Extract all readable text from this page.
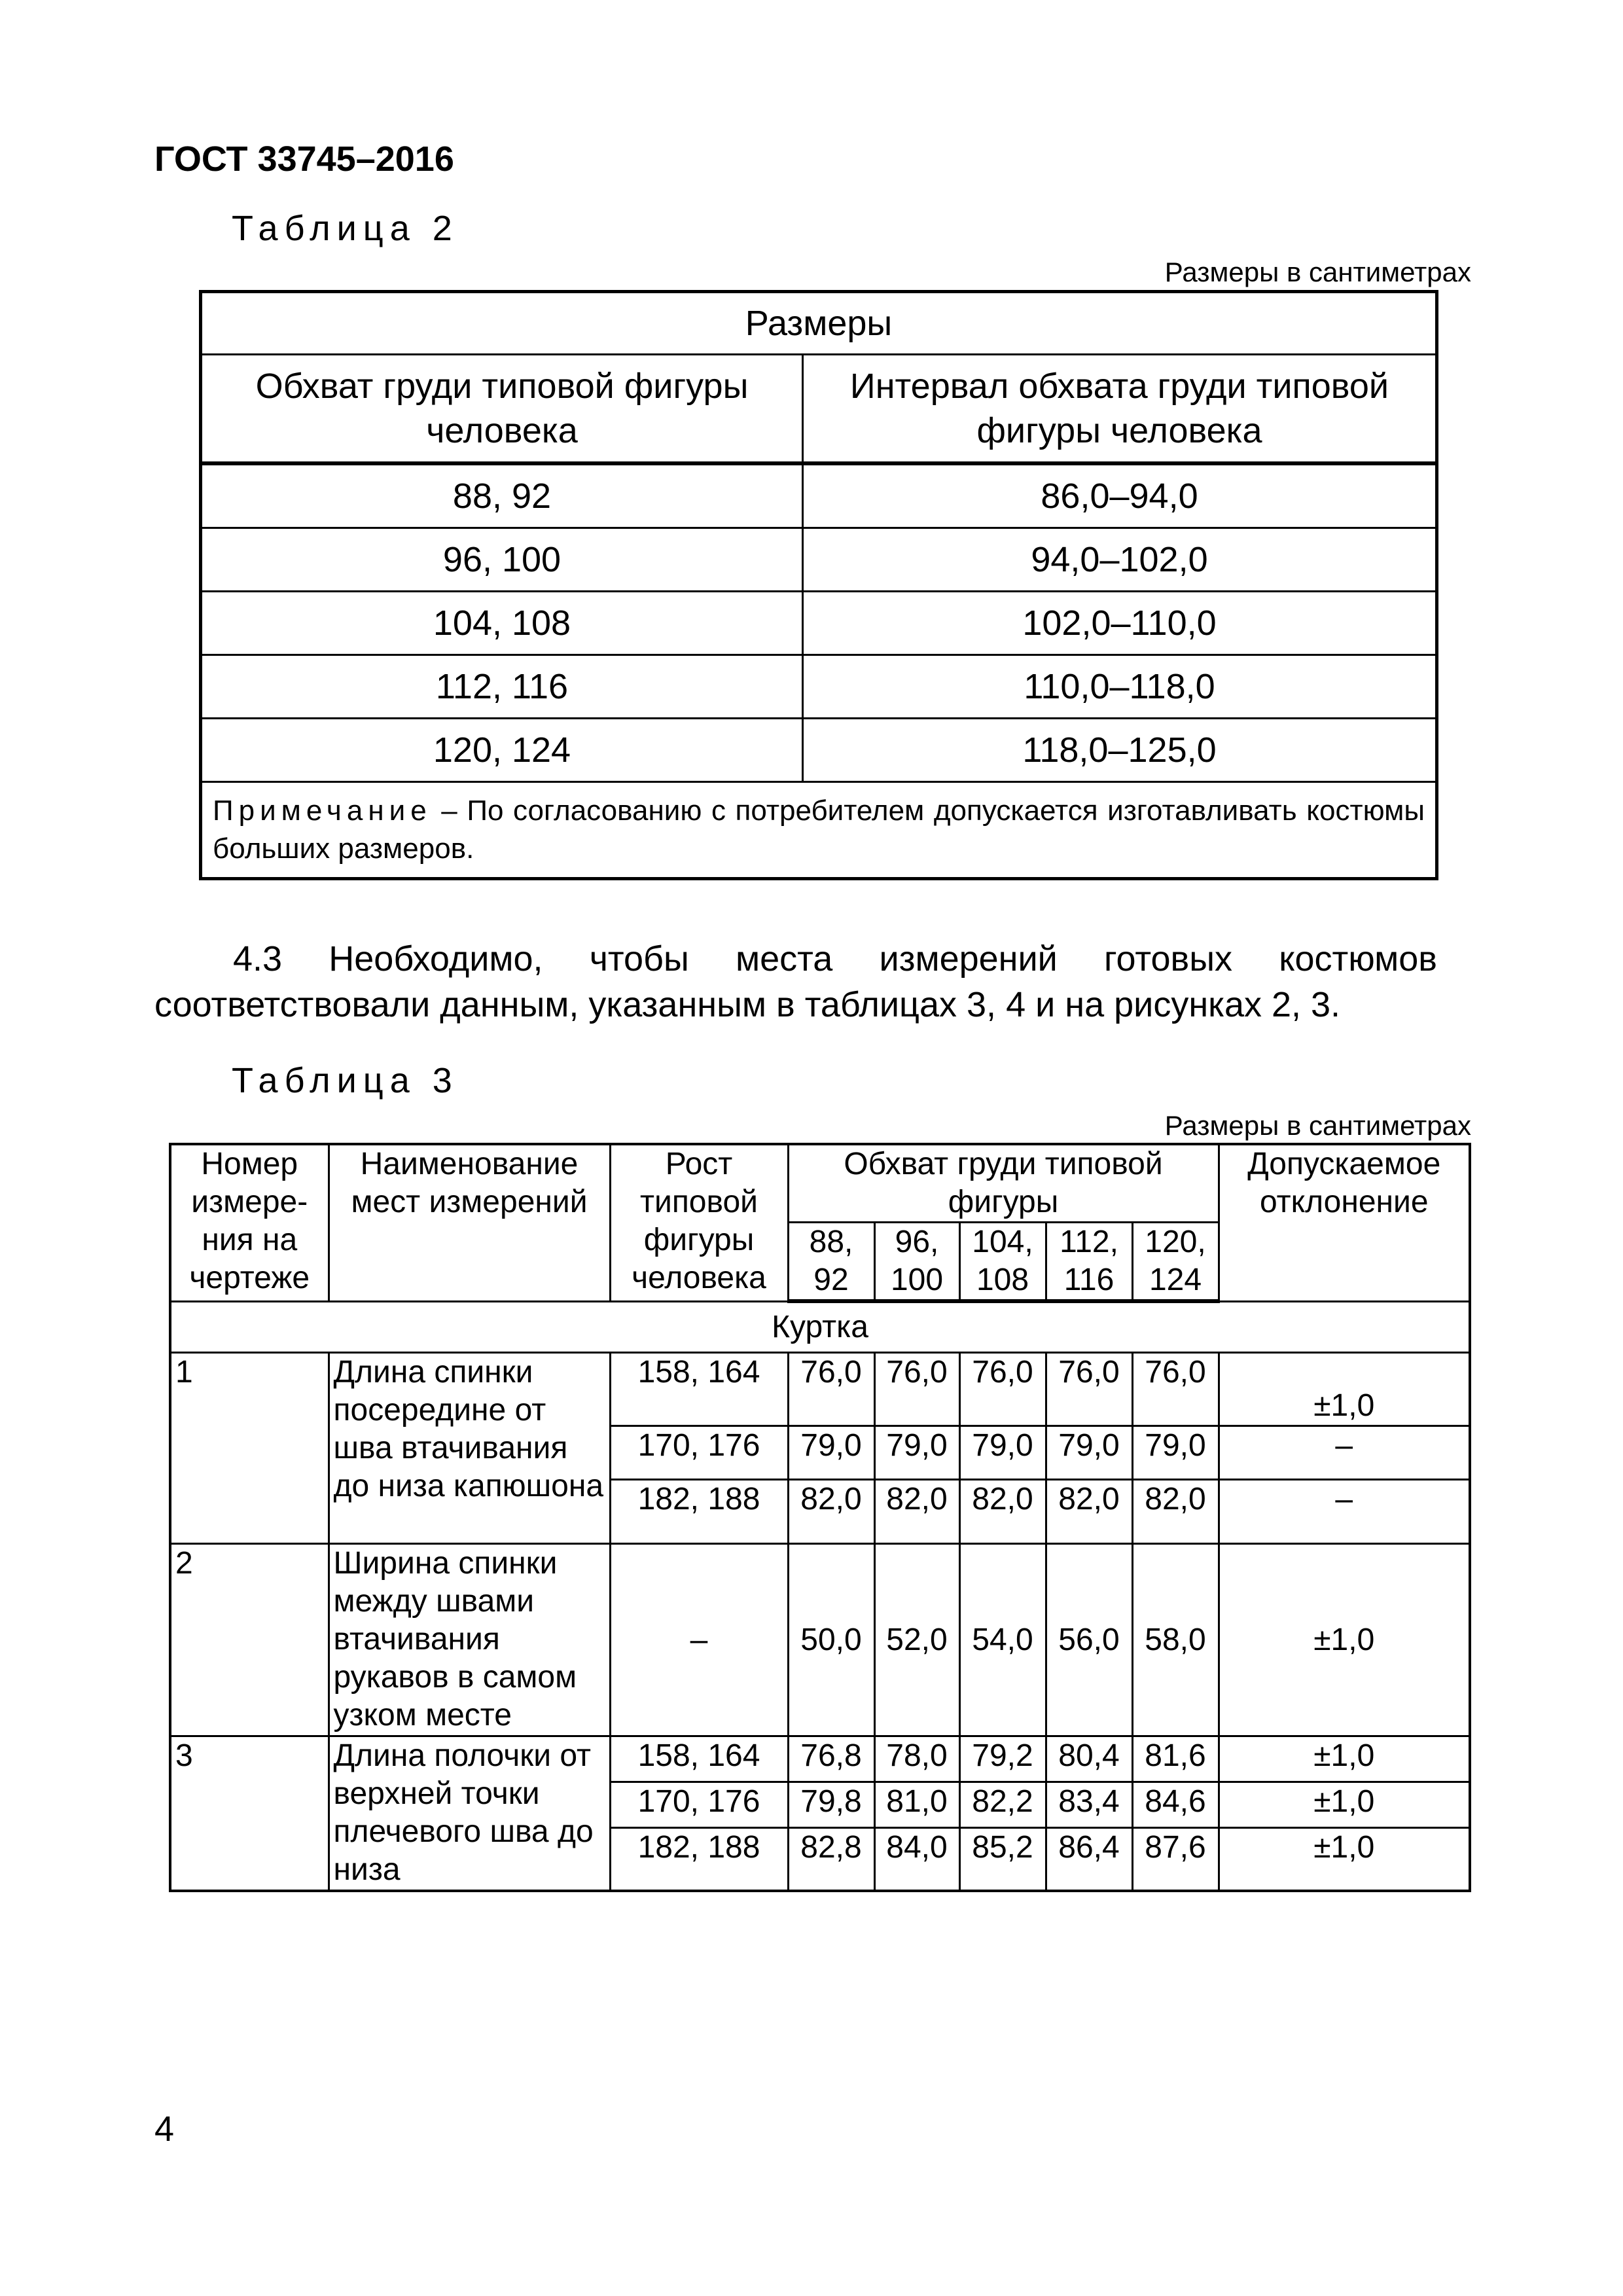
ГОСТ 33745–2016
Таблица 2
Размеры в сантиметрах
Размеры	
Обхват груди типовой фигуры человека	Интервал обхвата груди типовой фигуры человека
88, 92	86,0–94,0
96, 100	94,0–102,0
104, 108	102,0–110,0
112, 116	110,0–118,0
120, 124	118,0–125,0
Примечание – По согласованию с потребителем допускается изготавливать костюмы больших размеров.	
4.3 Необходимо, чтобы места измерений готовых костюмов
соответствовали данным, указанным в таблицах 3, 4 и на рисунках 2, 3.
Таблица 3
Размеры в сантиметрах
Номер измере-ния на чертеже	Наименование мест измерений	Рост типовой фигуры человека	Обхват груди типовой фигуры					Допускаемое отклонение
			88, 92	96, 100	104, 108	112, 116	120, 124	
Куртка								
1	Длина спинки посередине от шва втачивания до низа капюшона	158, 164	76,0	76,0	76,0	76,0	76,0	±1,0
		170, 176	79,0	79,0	79,0	79,0	79,0	–
		182, 188	82,0	82,0	82,0	82,0	82,0	–
2	Ширина спинки между швами втачивания рукавов в самом узком месте	–	50,0	52,0	54,0	56,0	58,0	±1,0
3	Длина полочки от верхней точки плечевого шва до низа	158, 164	76,8	78,0	79,2	80,4	81,6	±1,0
		170, 176	79,8	81,0	82,2	83,4	84,6	±1,0
		182, 188	82,8	84,0	85,2	86,4	87,6	±1,0
4
